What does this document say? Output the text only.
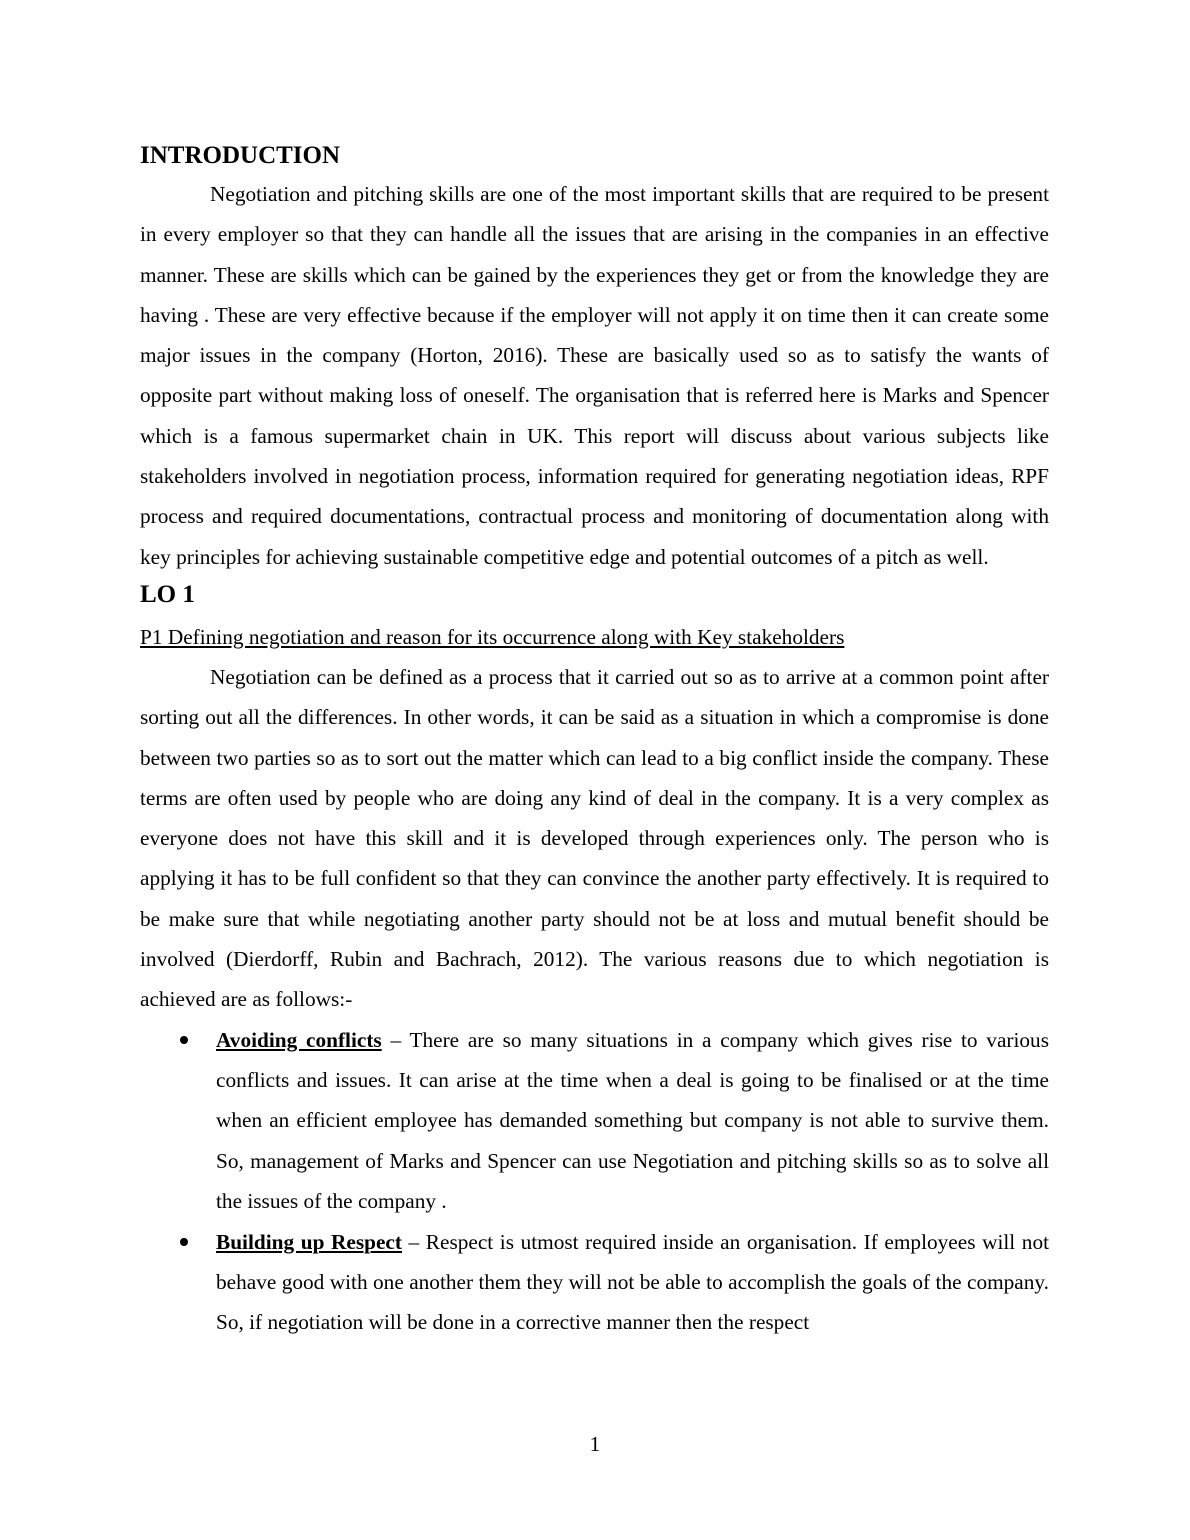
INTRODUCTION

Negotiation and pitching skills are one of the most important skills that are required to be present in every employer so that they can handle all the issues that are arising in the companies in an effective manner. These are skills which can be gained by the experiences they get or from the knowledge they are having . These are very effective because if the employer will not apply it on time then it can create some major issues in the company (Horton, 2016). These are basically used so as to satisfy the wants of opposite part without making loss of oneself. The organisation that is referred here is Marks and Spencer which is a famous supermarket chain in UK. This report will discuss about various subjects like stakeholders involved in negotiation process, information required for generating negotiation ideas, RPF process and required documentations, contractual process and monitoring of documentation along with key principles for achieving sustainable competitive edge and potential outcomes of a pitch as well.

LO 1
P1 Defining negotiation and reason for its occurrence along with Key stakeholders

Negotiation can be defined as a process that it carried out so as to arrive at a common point after sorting out all the differences. In other words, it can be said as a situation in which a compromise is done between two parties so as to sort out the matter which can lead to a big conflict inside the company. These terms are often used by people who are doing any kind of deal in the company. It is a very complex as everyone does not have this skill and it is developed through experiences only. The person who is applying it has to be full confident so that they can convince the another party effectively. It is required to be make sure that while negotiating another party should not be at loss and mutual benefit should be involved (Dierdorff, Rubin and Bachrach, 2012). The various reasons due to which negotiation is achieved are as follows:-

Avoiding conflicts – There are so many situations in a company which gives rise to various conflicts and issues. It can arise at the time when a deal is going to be finalised or at the time when an efficient employee has demanded something but company is not able to survive them. So, management of Marks and Spencer can use Negotiation and pitching skills so as to solve all the issues of the company .
Building up Respect – Respect is utmost required inside an organisation. If employees will not behave good with one another them they will not be able to accomplish the goals of the company. So, if negotiation will be done in a corrective manner then the respect
1
